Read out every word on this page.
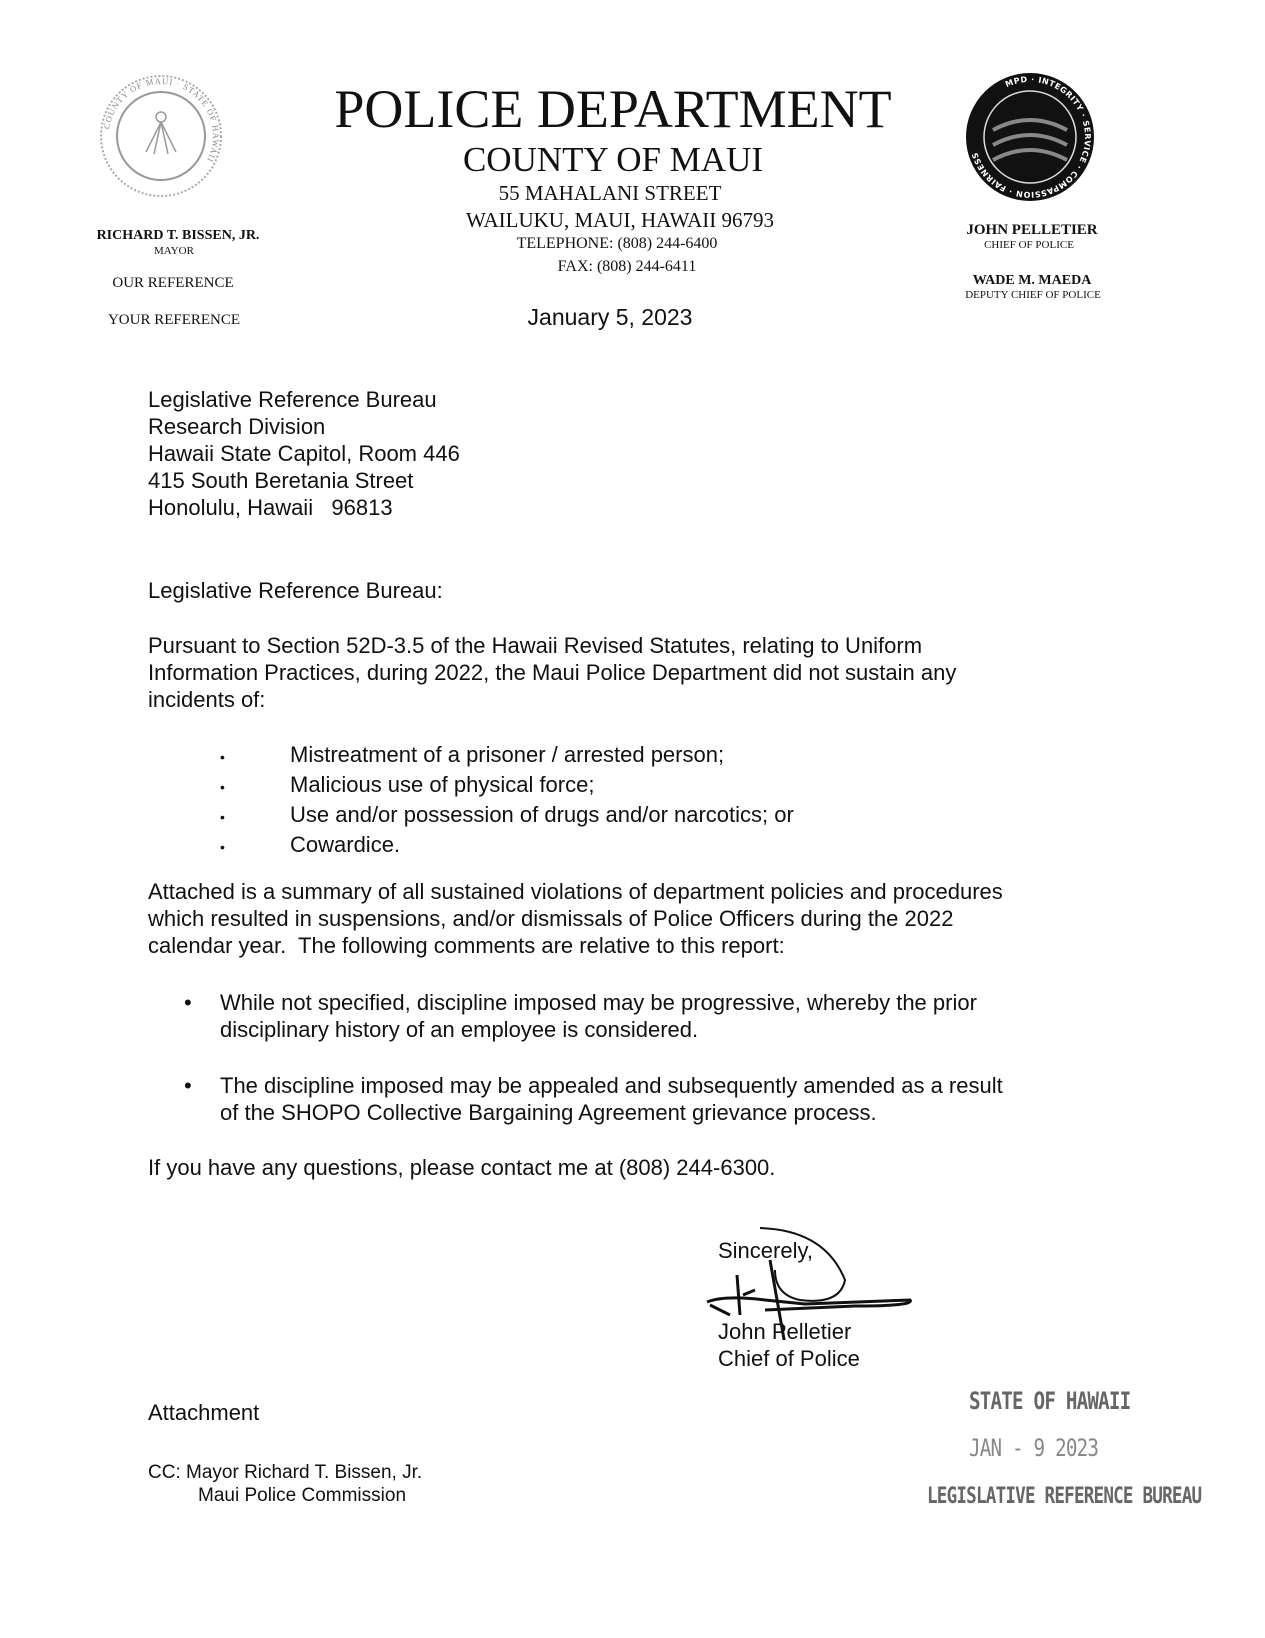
COUNTY OF MAUI · STATE OF HAWAII
MPD · INTEGRITY · SERVICE · COMPASSION · FAIRNESS
POLICE DEPARTMENT
COUNTY OF MAUI
55 MAHALANI STREET
WAILUKU, MAUI, HAWAII 96793
TELEPHONE: (808) 244-6400
FAX: (808) 244-6411
January 5, 2023
RICHARD T. BISSEN, JR.
MAYOR
OUR REFERENCE
YOUR REFERENCE
JOHN PELLETIER
CHIEF OF POLICE
WADE M. MAEDA
DEPUTY CHIEF OF POLICE
Legislative Reference Bureau
Research Division
Hawaii State Capitol, Room 446
415 South Beretania Street
Honolulu, Hawaii   96813
Legislative Reference Bureau:
Pursuant to Section 52D-3.5 of the Hawaii Revised Statutes, relating to Uniform
Information Practices, during 2022, the Maui Police Department did not sustain any
incidents of:
•	Mistreatment of a prisoner / arrested person;
•	Malicious use of physical force;
•	Use and/or possession of drugs and/or narcotics; or
•	Cowardice.
Attached is a summary of all sustained violations of department policies and procedures
which resulted in suspensions, and/or dismissals of Police Officers during the 2022
calendar year.  The following comments are relative to this report:
• While not specified, discipline imposed may be progressive, whereby the prior
disciplinary history of an employee is considered.
• The discipline imposed may be appealed and subsequently amended as a result
of the SHOPO Collective Bargaining Agreement grievance process.
If you have any questions, please contact me at (808) 244-6300.
Sincerely,
John Pelletier
Chief of Police
Attachment
CC: Mayor Richard T. Bissen, Jr.
Maui Police Commission
STATE OF HAWAII
JAN - 9 2023
LEGISLATIVE REFERENCE BUREAU
